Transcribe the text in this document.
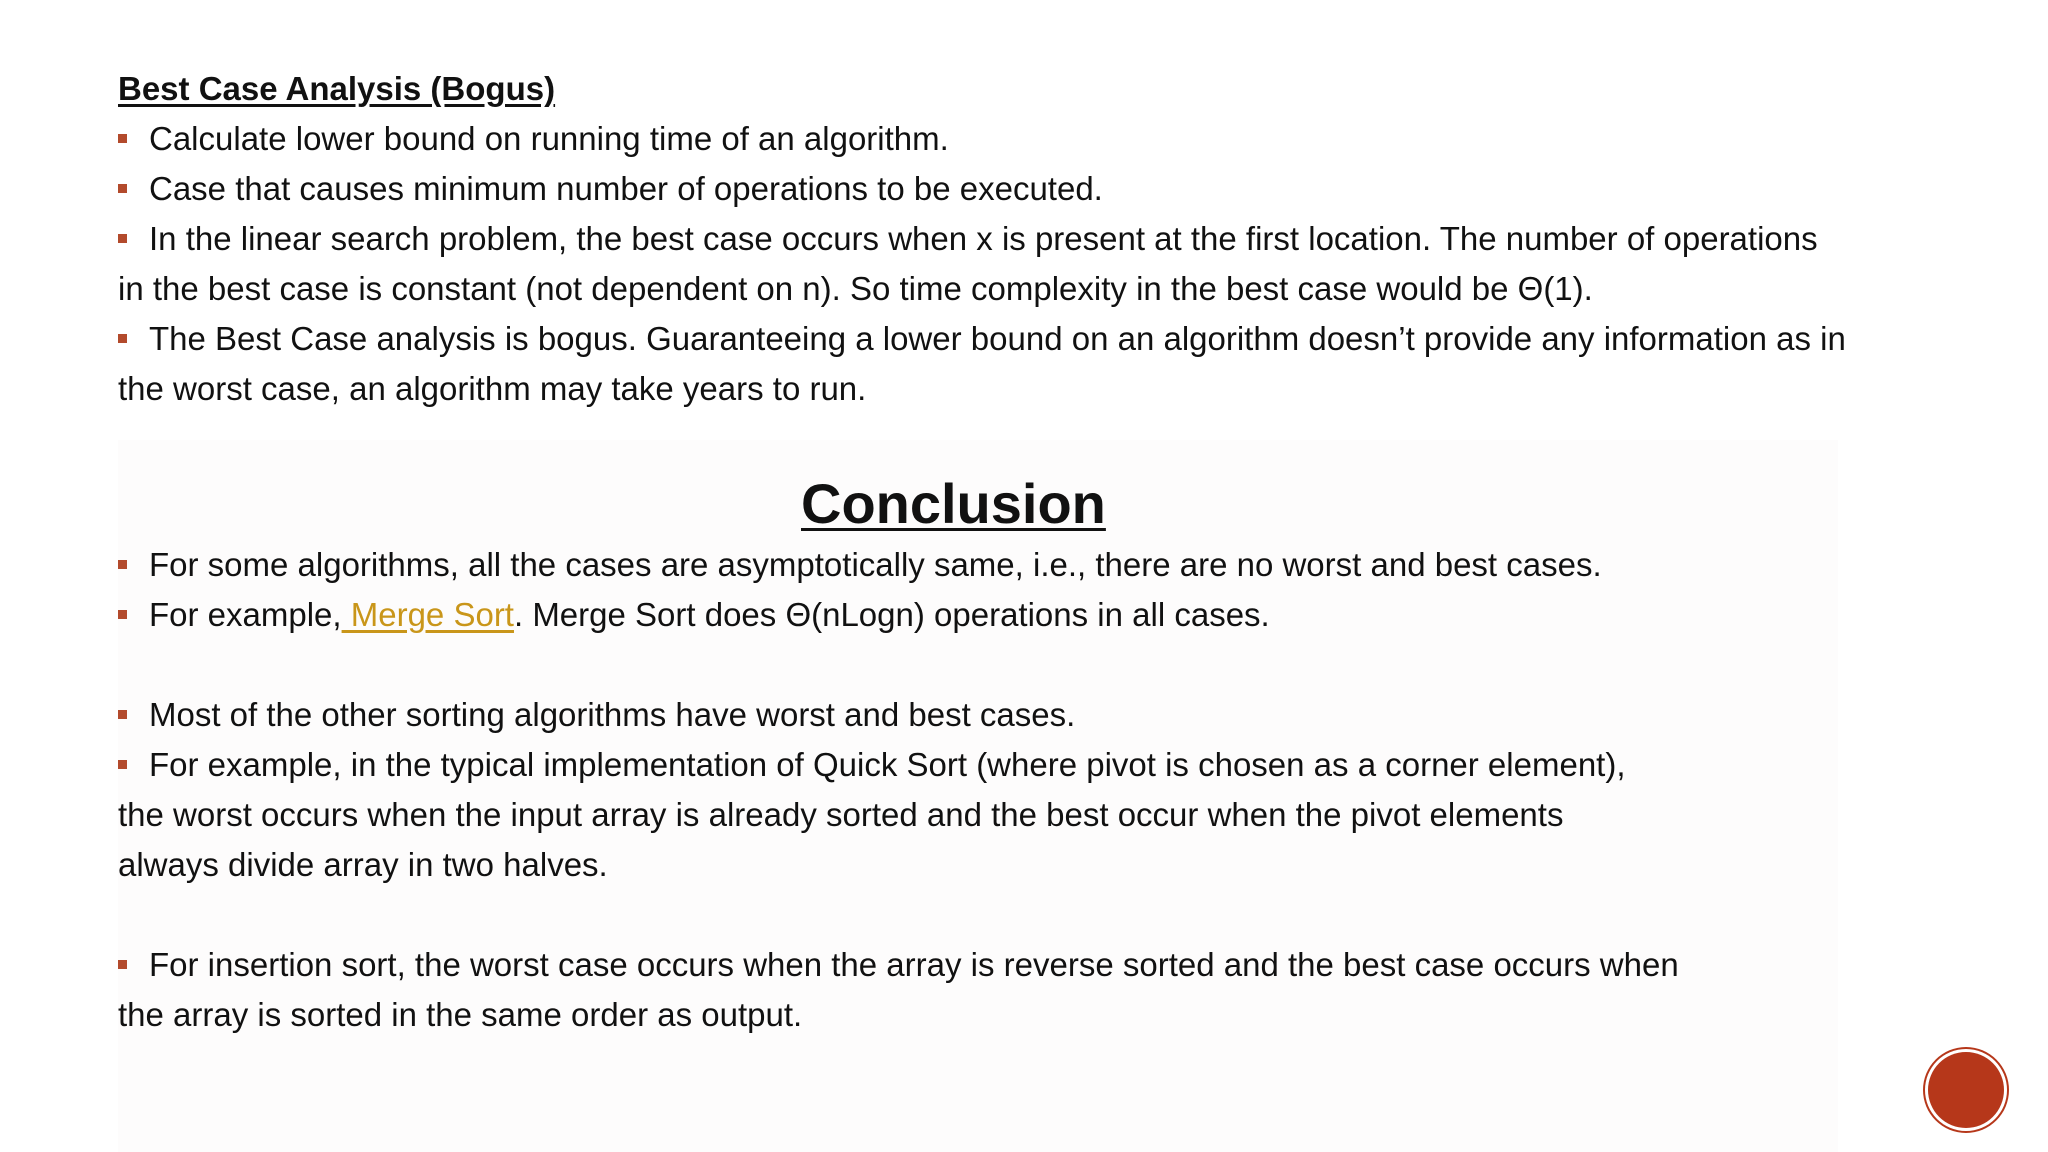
Best Case Analysis (Bogus)

Calculate lower bound on running time of an algorithm.

Case that causes minimum number of operations to be executed.

In the linear search problem, the best case occurs when x is present at the first location. The number of operations

in the best case is constant (not dependent on n). So time complexity in the best case would be Θ(1).

The Best Case analysis is bogus. Guaranteeing a lower bound on an algorithm doesn’t provide any information as in

the worst case, an algorithm may take years to run.

Conclusion

For some algorithms, all the cases are asymptotically same, i.e., there are no worst and best cases.

For example, Merge Sort. Merge Sort does Θ(nLogn) operations in all cases.

Most of the other sorting algorithms have worst and best cases.

For example, in the typical implementation of Quick Sort (where pivot is chosen as a corner element),

the worst occurs when the input array is already sorted and the best occur when the pivot elements

always divide array in two halves.

For insertion sort, the worst case occurs when the array is reverse sorted and the best case occurs when

the array is sorted in the same order as output.
